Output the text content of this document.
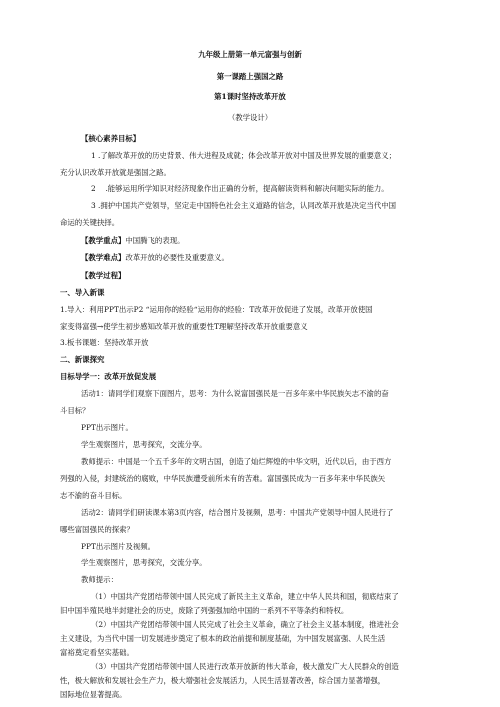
九年级上册第一单元富强与创新
第一课踏上强国之路
第1课时坚持改革开放
（教学设计）
【核心素养目标】
1 .了解改革开放的历史背景、伟大进程及成就；体会改革开放对中国及世界发展的重要意义；
充分认识改革开放就是强国之路。
2 　.能够运用所学知识对经济现象作出正确的分析，提高解读资料和解决问题实际的能力。
3 .拥护中国共产党领导，坚定走中国特色社会主义道路的信念，认同改革开放是决定当代中国
命运的关键抉择。
【教学重点】中国腾飞的表现。
【教学难点】改革开放的必要性及重要意义。
【教学过程】
一、导入新课
1.导入：利用PPT出示P2 “运用你的经验“运用你的经验：T改革开放促进了发展，改革开放使国
家变得富强→使学生初步感知改革开放的重要性T理解坚持改革开放重要意义
3.板书课题：坚持改革开放
二、新课探究
目标导学一：改革开放促发展
活动1：请同学们观察下面图片，思考：为什么说富国强民是一百多年来中华民族矢志不渝的奋
斗目标？
PPT出示图片。
学生观察图片，思考探究，交流分享。
教师提示：中国是一个五千多年的文明古国，创造了灿烂辉煌的中华文明，近代以后，由于西方
列强的入侵，封建统治的腐败，中华民族遭受前所未有的苦难。富国强民成为一百多年来中华民族矢
志不渝的奋斗目标。
活动2：请同学们研读课本第3页内容，结合图片及视频，思考：中国共产党领导中国人民进行了
哪些富国强民的探索？
PPT出示图片及视频。
学生观察图片，思考探究，交流分享。
教师提示：
（1）中国共产党团结带领中国人民完成了新民主主义革命，建立中华人民共和国，彻底结束了
旧中国半殖民地半封建社会的历史，废除了列强强加给中国的一系列不平等条约和特权。
（2）中国共产党团结带领中国人民完成了社会主义革命，确立了社会主义基本制度，推进社会
主义建设，为当代中国一切发展进步奠定了根本的政治前提和制度基础，为中国发展富强、人民生活
富裕奠定看坚实基础。
（3）中国共产党团结带领中国人民进行改革开放新的伟大革命，极大激发广大人民群众的创造
性，极大解放和发展社会生产力，极大增强社会发展活力，人民生活显著改善，综合国力显著增强，
国际地位显著提高。
